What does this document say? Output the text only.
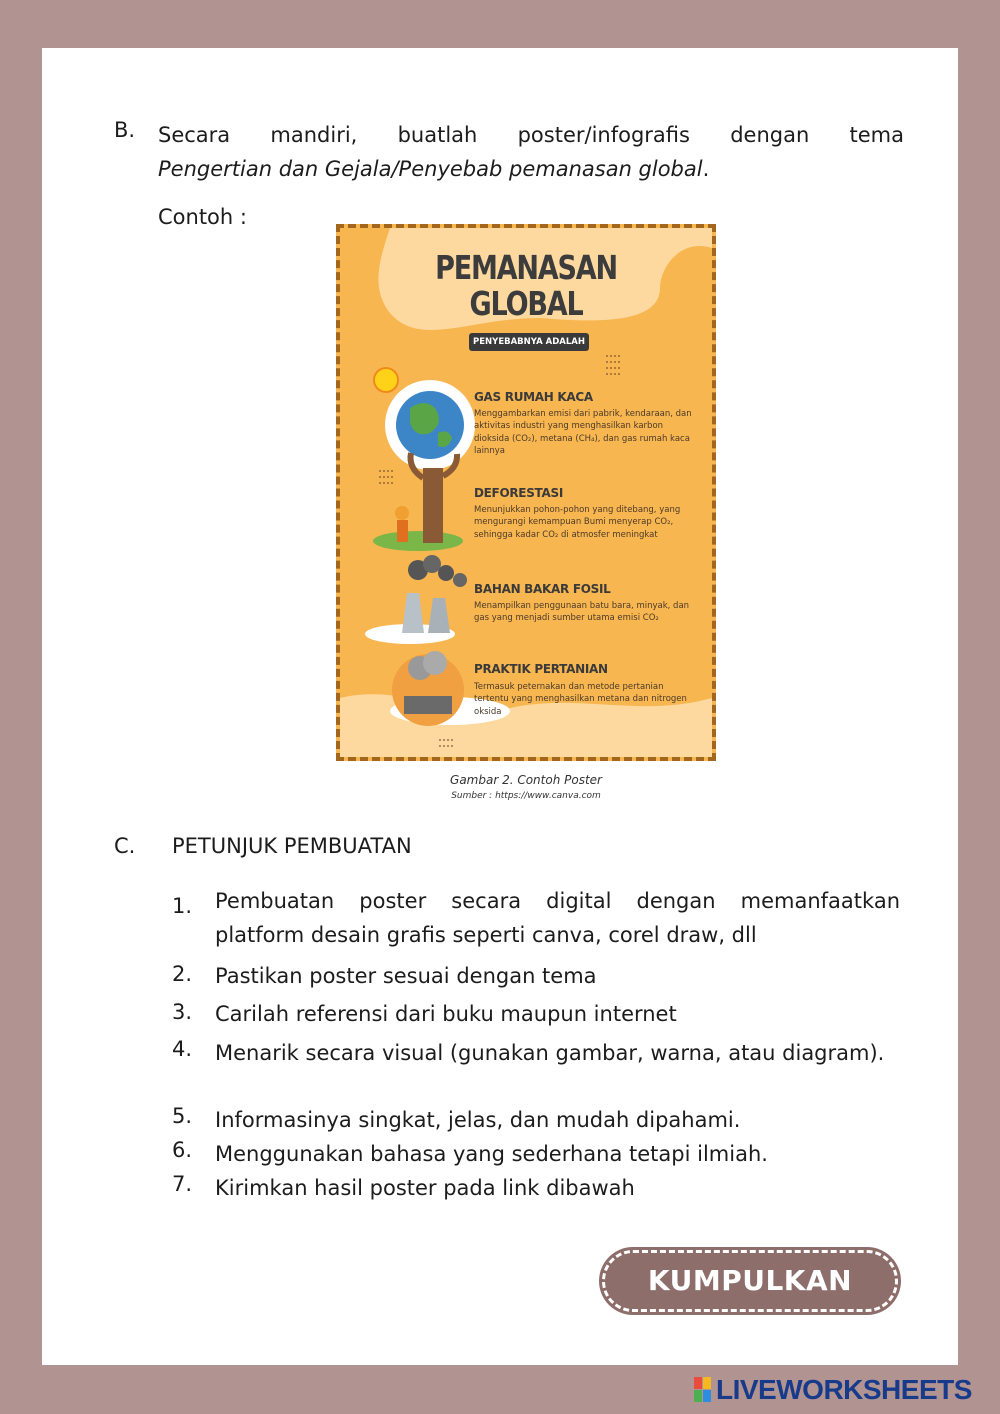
B. Secara mandiri, buatlah poster/infografis dengan tema

Pengertian dan Gejala/Penyebab pemanasan global.

Contoh :
PEMANASAN
GLOBAL
PENYEBABNYA ADALAH
GAS RUMAH KACA
Menggambarkan emisi dari pabrik, kendaraan, dan aktivitas industri yang menghasilkan karbon dioksida (CO₂), metana (CH₄), dan gas rumah kaca lainnya
DEFORESTASI
Menunjukkan pohon-pohon yang ditebang, yang mengurangi kemampuan Bumi menyerap CO₂, sehingga kadar CO₂ di atmosfer meningkat
BAHAN BAKAR FOSIL
Menampilkan penggunaan batu bara, minyak, dan gas yang menjadi sumber utama emisi CO₂
PRAKTIK PERTANIAN
Termasuk peternakan dan metode pertanian tertentu yang menghasilkan metana dan nitrogen oksida
Gambar 2. Contoh Poster
Sumber : https://www.canva.com
C. PETUNJUK PEMBUATAN
1. Pembuatan poster secara digital dengan memanfaatkan platform desain grafis seperti canva, corel draw, dll
2. Pastikan poster sesuai dengan tema
3. Carilah referensi dari buku maupun internet
4. Menarik secara visual (gunakan gambar, warna, atau diagram).
5. Informasinya singkat, jelas, dan mudah dipahami.
6. Menggunakan bahasa yang sederhana tetapi ilmiah.
7. Kirimkan hasil poster pada link dibawah
KUMPULKAN
LIVEWORKSHEETS
